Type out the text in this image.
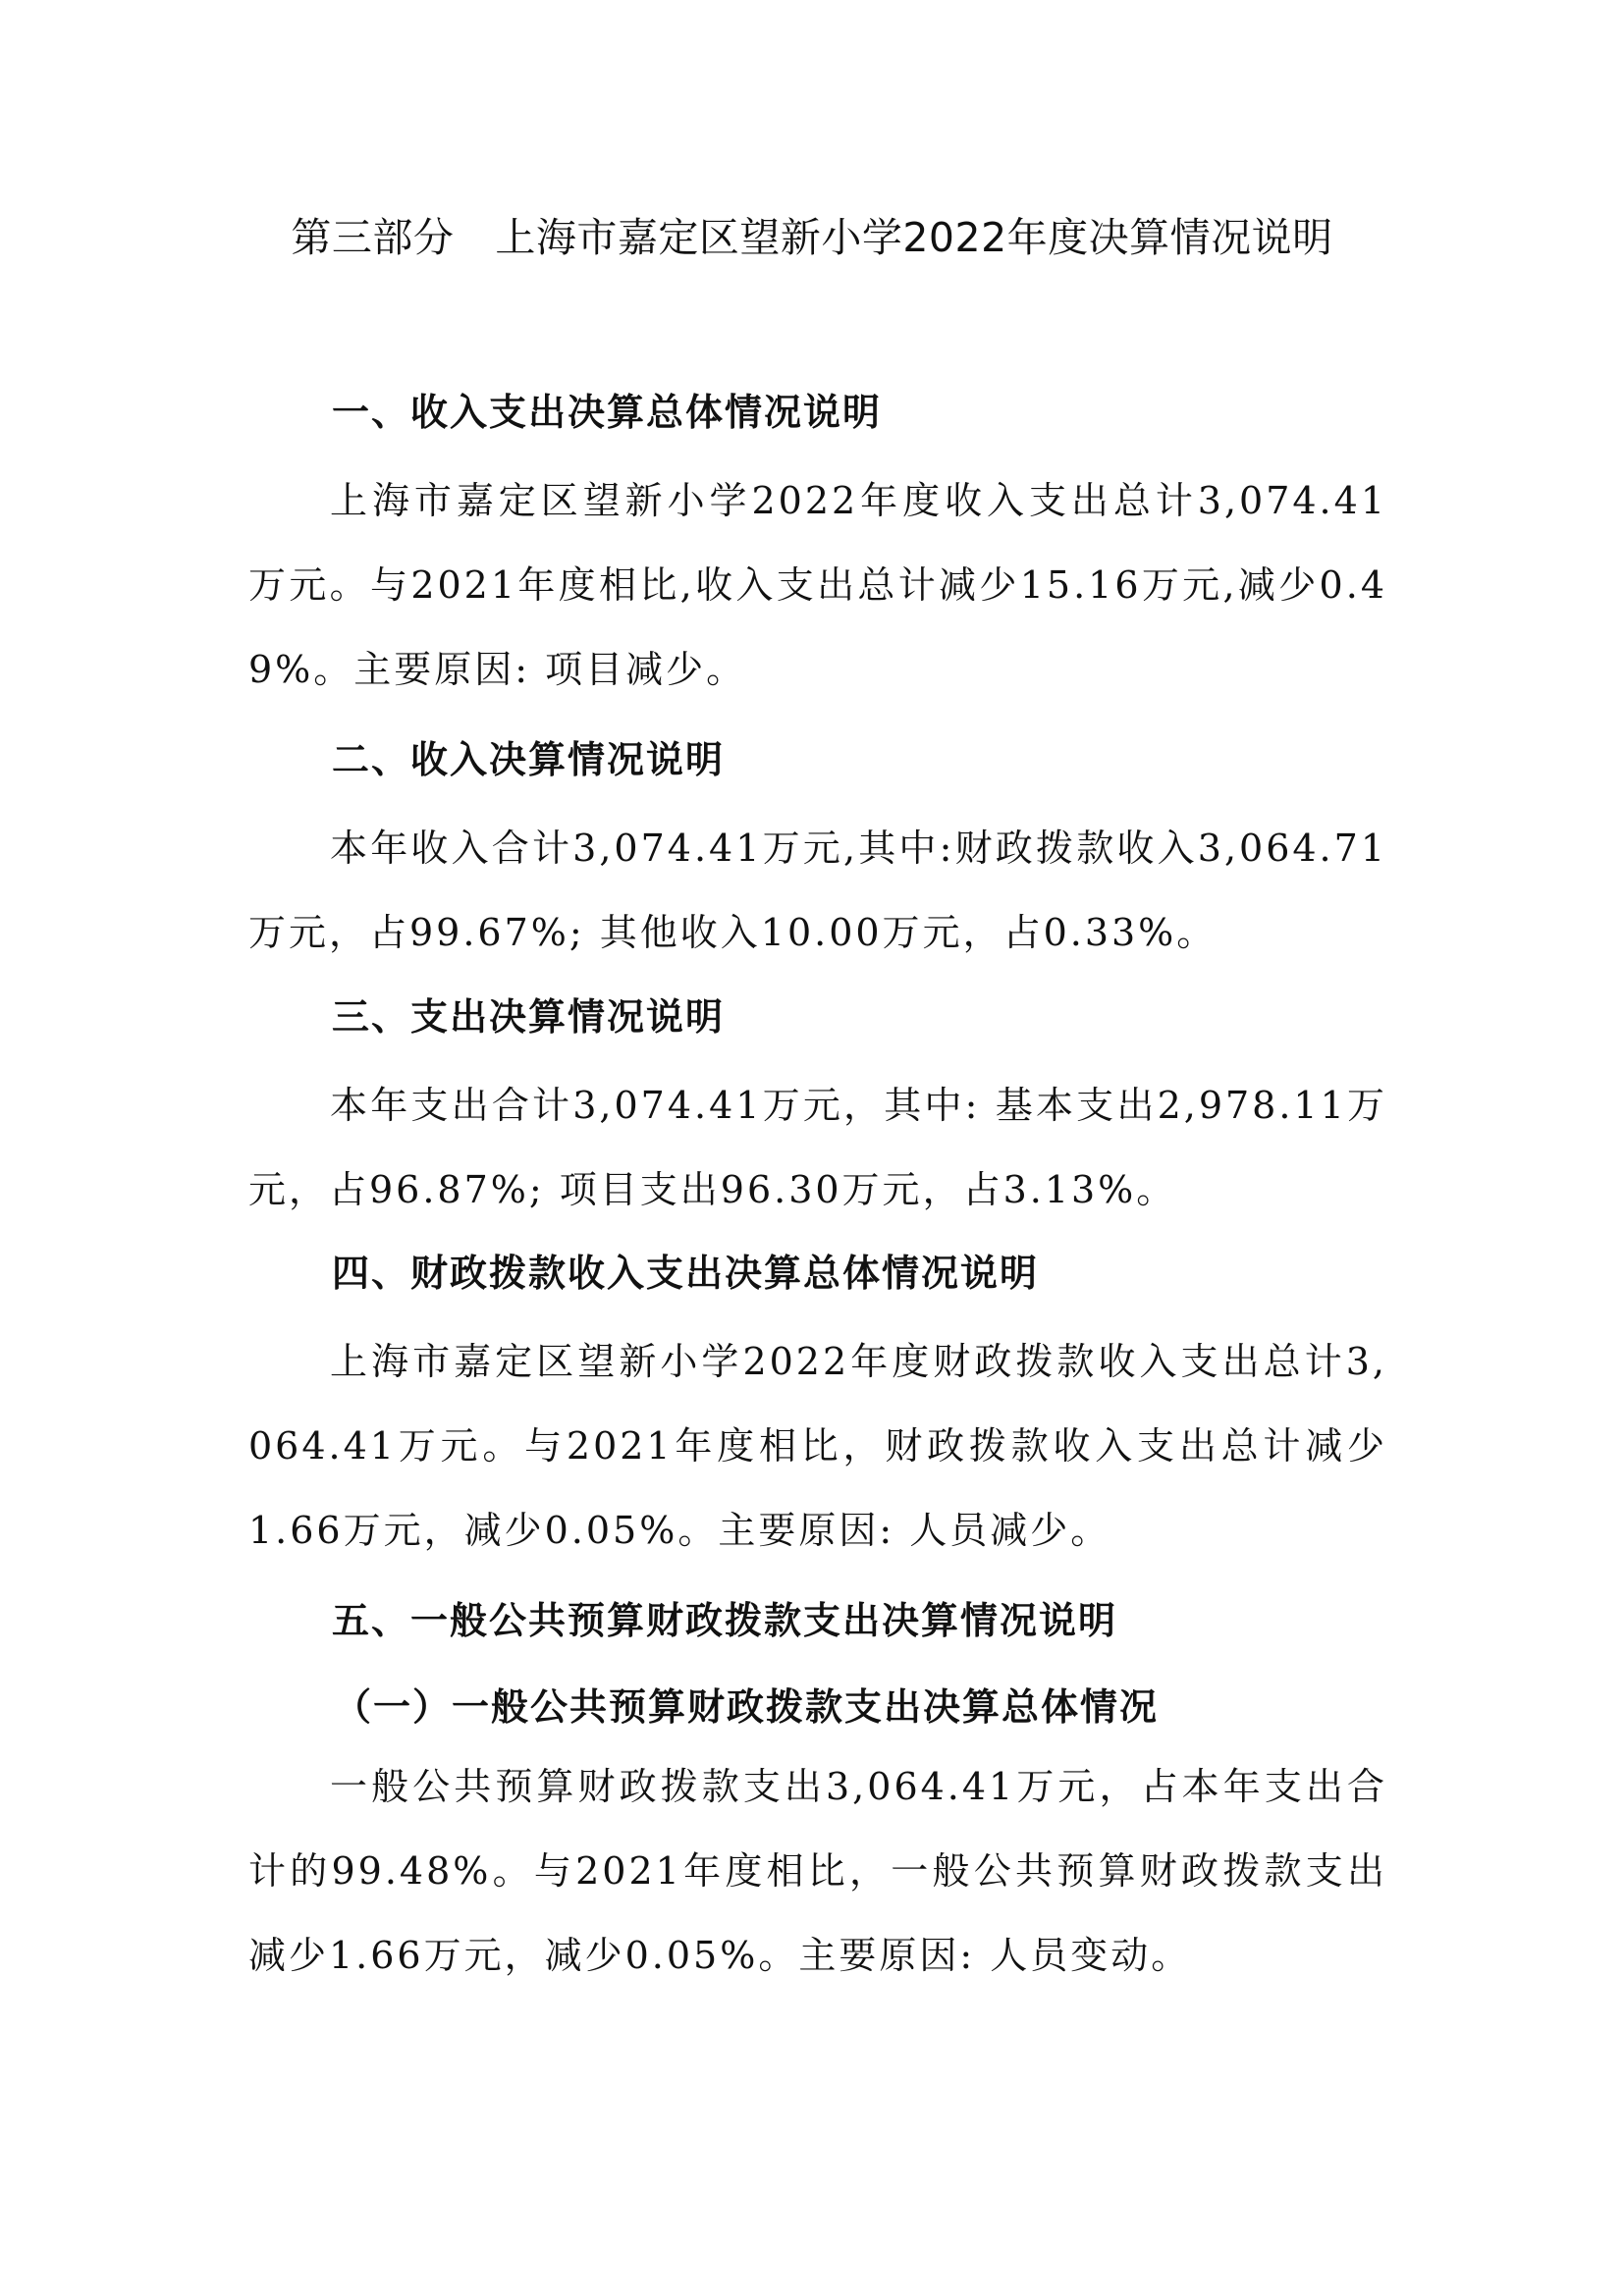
第三部分 上海市嘉定区望新小学2022年度决算情况说明
一、收入支出决算总体情况说明
上海市嘉定区望新小学2022年度收入支出总计3,074.41万元。与2021年度相比,收入支出总计减少15.16万元,减少0.49%。主要原因: 项目减少。
二、收入决算情况说明
本年收入合计3,074.41万元,其中:财政拨款收入3,064.71万元，占99.67%; 其他收入10.00万元，占0.33%。
三、支出决算情况说明
本年支出合计3,074.41万元，其中: 基本支出2,978.11万元，占96.87%; 项目支出96.30万元，占3.13%。
四、财政拨款收入支出决算总体情况说明
上海市嘉定区望新小学2022年度财政拨款收入支出总计3,064.41万元。与2021年度相比，财政拨款收入支出总计减少1.66万元，减少0.05%。主要原因: 人员减少。
五、一般公共预算财政拨款支出决算情况说明
（一）一般公共预算财政拨款支出决算总体情况
一般公共预算财政拨款支出3,064.41万元，占本年支出合计的99.48%。与2021年度相比，一般公共预算财政拨款支出减少1.66万元，减少0.05%。主要原因: 人员变动。
